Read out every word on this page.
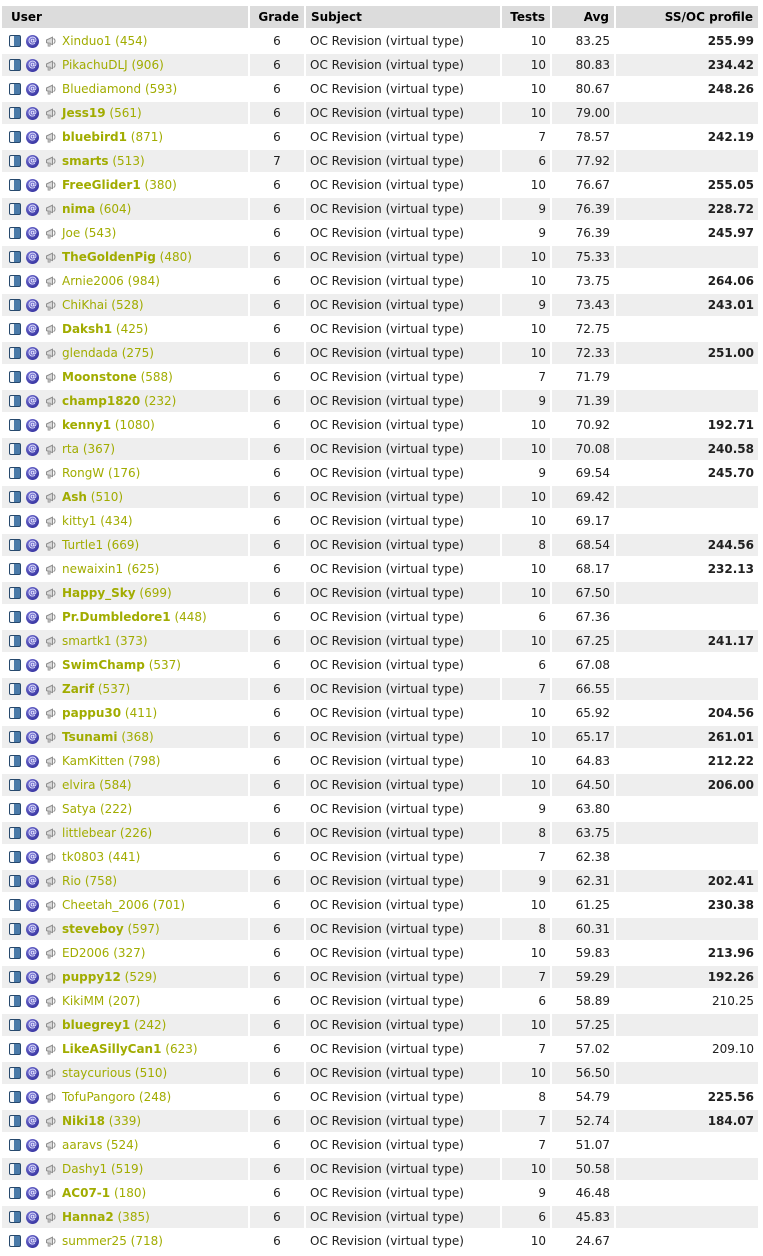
User	Grade	Subject	Tests	Avg	SS/OC profile
@ Xinduo1 (454)	6	OC Revision (virtual type)	10	83.25	255.99
@ PikachuDLJ (906)	6	OC Revision (virtual type)	10	80.83	234.42
@ Bluediamond (593)	6	OC Revision (virtual type)	10	80.67	248.26
@ Jess19 (561)	6	OC Revision (virtual type)	10	79.00	
@ bluebird1 (871)	6	OC Revision (virtual type)	7	78.57	242.19
@ smarts (513)	7	OC Revision (virtual type)	6	77.92	
@ FreeGlider1 (380)	6	OC Revision (virtual type)	10	76.67	255.05
@ nima (604)	6	OC Revision (virtual type)	9	76.39	228.72
@ Joe (543)	6	OC Revision (virtual type)	9	76.39	245.97
@ TheGoldenPig (480)	6	OC Revision (virtual type)	10	75.33	
@ Arnie2006 (984)	6	OC Revision (virtual type)	10	73.75	264.06
@ ChiKhai (528)	6	OC Revision (virtual type)	9	73.43	243.01
@ Daksh1 (425)	6	OC Revision (virtual type)	10	72.75	
@ glendada (275)	6	OC Revision (virtual type)	10	72.33	251.00
@ Moonstone (588)	6	OC Revision (virtual type)	7	71.79	
@ champ1820 (232)	6	OC Revision (virtual type)	9	71.39	
@ kenny1 (1080)	6	OC Revision (virtual type)	10	70.92	192.71
@ rta (367)	6	OC Revision (virtual type)	10	70.08	240.58
@ RongW (176)	6	OC Revision (virtual type)	9	69.54	245.70
@ Ash (510)	6	OC Revision (virtual type)	10	69.42	
@ kitty1 (434)	6	OC Revision (virtual type)	10	69.17	
@ Turtle1 (669)	6	OC Revision (virtual type)	8	68.54	244.56
@ newaixin1 (625)	6	OC Revision (virtual type)	10	68.17	232.13
@ Happy_Sky (699)	6	OC Revision (virtual type)	10	67.50	
@ Pr.Dumbledore1 (448)	6	OC Revision (virtual type)	6	67.36	
@ smartk1 (373)	6	OC Revision (virtual type)	10	67.25	241.17
@ SwimChamp (537)	6	OC Revision (virtual type)	6	67.08	
@ Zarif (537)	6	OC Revision (virtual type)	7	66.55	
@ pappu30 (411)	6	OC Revision (virtual type)	10	65.92	204.56
@ Tsunami (368)	6	OC Revision (virtual type)	10	65.17	261.01
@ KamKitten (798)	6	OC Revision (virtual type)	10	64.83	212.22
@ elvira (584)	6	OC Revision (virtual type)	10	64.50	206.00
@ Satya (222)	6	OC Revision (virtual type)	9	63.80	
@ littlebear (226)	6	OC Revision (virtual type)	8	63.75	
@ tk0803 (441)	6	OC Revision (virtual type)	7	62.38	
@ Rio (758)	6	OC Revision (virtual type)	9	62.31	202.41
@ Cheetah_2006 (701)	6	OC Revision (virtual type)	10	61.25	230.38
@ steveboy (597)	6	OC Revision (virtual type)	8	60.31	
@ ED2006 (327)	6	OC Revision (virtual type)	10	59.83	213.96
@ puppy12 (529)	6	OC Revision (virtual type)	7	59.29	192.26
@ KikiMM (207)	6	OC Revision (virtual type)	6	58.89	210.25
@ bluegrey1 (242)	6	OC Revision (virtual type)	10	57.25	
@ LikeASillyCan1 (623)	6	OC Revision (virtual type)	7	57.02	209.10
@ staycurious (510)	6	OC Revision (virtual type)	10	56.50	
@ TofuPangoro (248)	6	OC Revision (virtual type)	8	54.79	225.56
@ Niki18 (339)	6	OC Revision (virtual type)	7	52.74	184.07
@ aaravs (524)	6	OC Revision (virtual type)	7	51.07	
@ Dashy1 (519)	6	OC Revision (virtual type)	10	50.58	
@ AC07-1 (180)	6	OC Revision (virtual type)	9	46.48	
@ Hanna2 (385)	6	OC Revision (virtual type)	6	45.83	
@ summer25 (718)	6	OC Revision (virtual type)	10	24.67	
